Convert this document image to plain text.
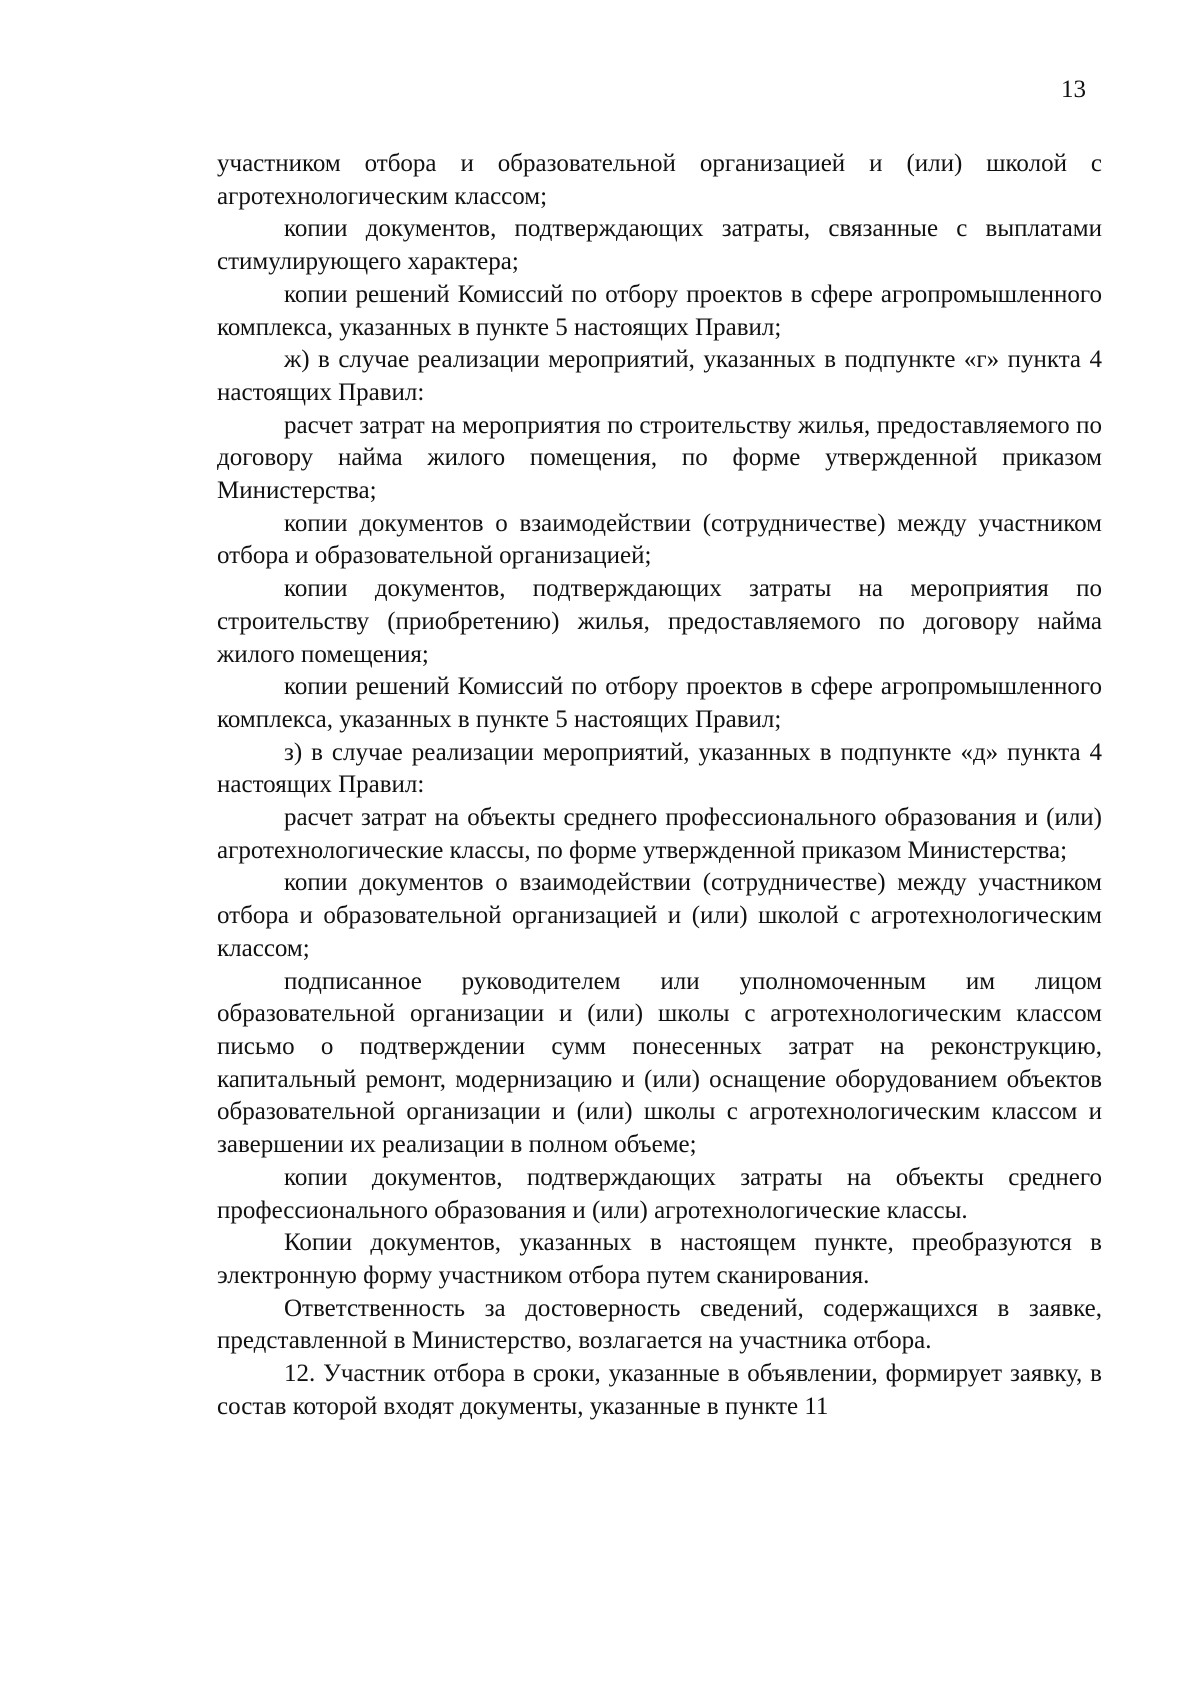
13

участником отбора и образовательной организацией и (или) школой с агротехнологическим классом;

копии документов, подтверждающих затраты, связанные с выплатами стимулирующего характера;

копии решений Комиссий по отбору проектов в сфере агропромышленного комплекса, указанных в пункте 5 настоящих Правил;

ж) в случае реализации мероприятий, указанных в подпункте «г» пункта 4 настоящих Правил:

расчет затрат на мероприятия по строительству жилья, предоставляемого по договору найма жилого помещения, по форме утвержденной приказом Министерства;

копии документов о взаимодействии (сотрудничестве) между участником отбора и образовательной организацией;

копии документов, подтверждающих затраты на мероприятия по строительству (приобретению) жилья, предоставляемого по договору найма жилого помещения;

копии решений Комиссий по отбору проектов в сфере агропромышленного комплекса, указанных в пункте 5 настоящих Правил;

з) в случае реализации мероприятий, указанных в подпункте «д» пункта 4 настоящих Правил:

расчет затрат на объекты среднего профессионального образования и (или) агротехнологические классы, по форме утвержденной приказом Министерства;

копии документов о взаимодействии (сотрудничестве) между участником отбора и образовательной организацией и (или) школой с агротехнологическим классом;

подписанное руководителем или уполномоченным им лицом образовательной организации и (или) школы с агротехнологическим классом письмо о подтверждении сумм понесенных затрат на реконструкцию, капитальный ремонт, модернизацию и (или) оснащение оборудованием объектов образовательной организации и (или) школы с агротехнологическим классом и завершении их реализации в полном объеме;

копии документов, подтверждающих затраты на объекты среднего профессионального образования и (или) агротехнологические классы.

Копии документов, указанных в настоящем пункте, преобразуются в электронную форму участником отбора путем сканирования.

Ответственность за достоверность сведений, содержащихся в заявке, представленной в Министерство, возлагается на участника отбора.

12. Участник отбора в сроки, указанные в объявлении, формирует заявку, в состав которой входят документы, указанные в пункте 11
